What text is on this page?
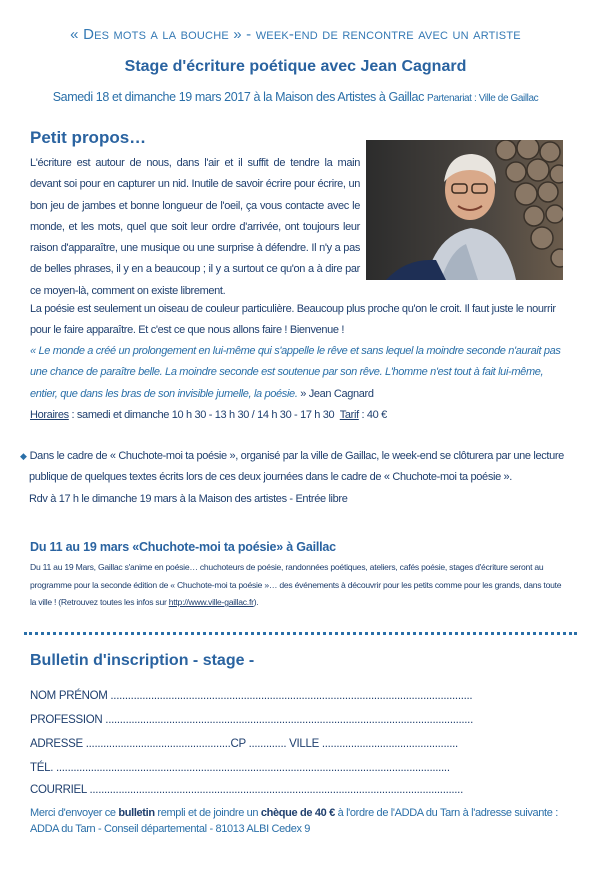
« Des mots a la bouche » - week-end de rencontre avec un artiste
Stage d'écriture poétique avec Jean Cagnard
Samedi 18 et dimanche 19 mars 2017 à la Maison des Artistes à Gaillac Partenariat : Ville de Gaillac
Petit propos…
L'écriture est autour de nous, dans l'air et il suffit de tendre la main devant soi pour en capturer un nid. Inutile de savoir écrire pour écrire, un bon jeu de jambes et bonne longueur de l'oeil, ça vous contacte avec le monde, et les mots, quel que soit leur ordre d'arrivée, ont toujours leur raison d'apparaître, une musique ou une surprise à défendre. Il n'y a pas de belles phrases, il y en a beaucoup ; il y a surtout ce qu'on a à dire par ce moyen-là, comment on existe librement.
La poésie est seulement un oiseau de couleur particulière. Beaucoup plus proche qu'on le croit. Il faut juste le nourrir pour le faire apparaître. Et c'est ce que nous allons faire ! Bienvenue !
« Le monde a créé un prolongement en lui-même qui s'appelle le rêve et sans lequel la moindre seconde n'aurait pas une chance de paraître belle. La moindre seconde est soutenue par son rêve. L'homme n'est tout à fait lui-même, entier, que dans les bras de son invisible jumelle, la poésie. » Jean Cagnard
Horaires : samedi et dimanche 10 h 30 - 13 h 30 / 14 h 30 - 17 h 30 Tarif : 40 €
◆ Dans le cadre de « Chuchote-moi ta poésie », organisé par la ville de Gaillac, le week-end se clôturera par une lecture
publique de quelques textes écrits lors de ces deux journées dans le cadre de « Chuchote-moi ta poésie ».
Rdv à 17 h le dimanche 19 mars à la Maison des artistes - Entrée libre
Du 11 au 19 mars «Chuchote-moi ta poésie» à Gaillac
Du 11 au 19 Mars, Gaillac s'anime en poésie… chuchoteurs de poésie, randonnées poétiques, ateliers, cafés poésie, stages d'écriture seront au programme pour la seconde édition de « Chuchote-moi ta poésie »… des événements à découvrir pour les petits comme pour les grands, dans toute la ville ! (Retrouvez toutes les infos sur http://www.ville-gaillac.fr).
Bulletin d'inscription - stage -
NOM PRÉNOM .............................................................................................................................
PROFESSION ...............................................................................................................................
ADRESSE ..................................................CP ............. VILLE ...............................................
TÉL. ........................................................................................................................................
COURRIEL .................................................................................................................................
Merci d'envoyer ce bulletin rempli et de joindre un chèque de 40 € à l'ordre de l'ADDA du Tarn à l'adresse suivante : ADDA du Tarn - Conseil départemental - 81013 ALBI Cedex 9
